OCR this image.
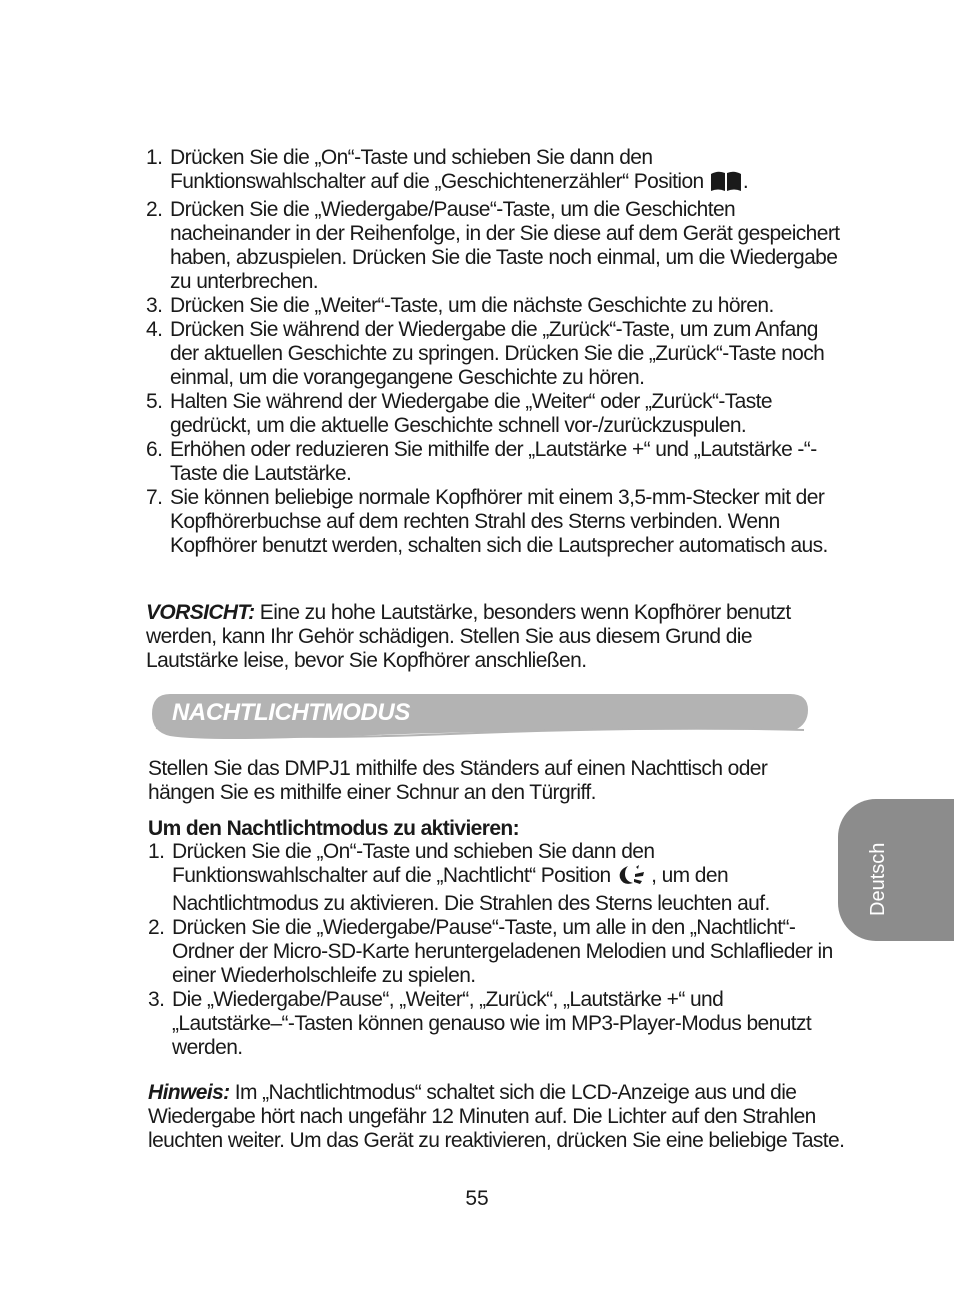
1. Drücken Sie die „On“-Taste und schieben Sie dann den Funktionswahlschalter auf die „Geschichtenerzähler“ Position .
2. Drücken Sie die „Wiedergabe/Pause“-Taste, um die Geschichten nacheinander in der Reihenfolge, in der Sie diese auf dem Gerät gespeichert haben, abzuspielen. Drücken Sie die Taste noch einmal, um die Wiedergabe zu unterbrechen.
3. Drücken Sie die „Weiter“-Taste, um die nächste Geschichte zu hören.
4. Drücken Sie während der Wiedergabe die „Zurück“-Taste, um zum Anfang der aktuellen Geschichte zu springen. Drücken Sie die „Zurück“-Taste noch einmal, um die vorangegangene Geschichte zu hören.
5. Halten Sie während der Wiedergabe die „Weiter“ oder „Zurück“-Taste gedrückt, um die aktuelle Geschichte schnell vor-/zurückzuspulen.
6. Erhöhen oder reduzieren Sie mithilfe der „Lautstärke +“ und „Lautstärke -“-Taste die Lautstärke.
7. Sie können beliebige normale Kopfhörer mit einem 3,5-mm-Stecker mit der Kopfhörerbuchse auf dem rechten Strahl des Sterns verbinden. Wenn Kopfhörer benutzt werden, schalten sich die Lautsprecher automatisch aus.

VORSICHT: Eine zu hohe Lautstärke, besonders wenn Kopfhörer benutzt werden, kann Ihr Gehör schädigen. Stellen Sie aus diesem Grund die Lautstärke leise, bevor Sie Kopfhörer anschließen.

NACHTLICHTMODUS

Stellen Sie das DMPJ1 mithilfe des Ständers auf einen Nachttisch oder hängen Sie es mithilfe einer Schnur an den Türgriff.

Um den Nachtlichtmodus zu aktivieren:

1. Drücken Sie die „On“-Taste und schieben Sie dann den Funktionswahlschalter auf die „Nachtlicht“ Position  , um den Nachtlichtmodus zu aktivieren. Die Strahlen des Sterns leuchten auf.
2. Drücken Sie die „Wiedergabe/Pause“-Taste, um alle in den „Nachtlicht“-Ordner der Micro-SD-Karte heruntergeladenen Melodien und Schlaflieder in einer Wiederholschleife zu spielen.
3. Die „Wiedergabe/Pause“, „Weiter“, „Zurück“, „Lautstärke +“ und „Lautstärke–“-Tasten können genauso wie im MP3-Player-Modus benutzt werden.

Hinweis: Im „Nachtlichtmodus“ schaltet sich die LCD-Anzeige aus und die Wiedergabe hört nach ungefähr 12 Minuten auf. Die Lichter auf den Strahlen leuchten weiter. Um das Gerät zu reaktivieren, drücken Sie eine beliebige Taste.

Deutsch
55
